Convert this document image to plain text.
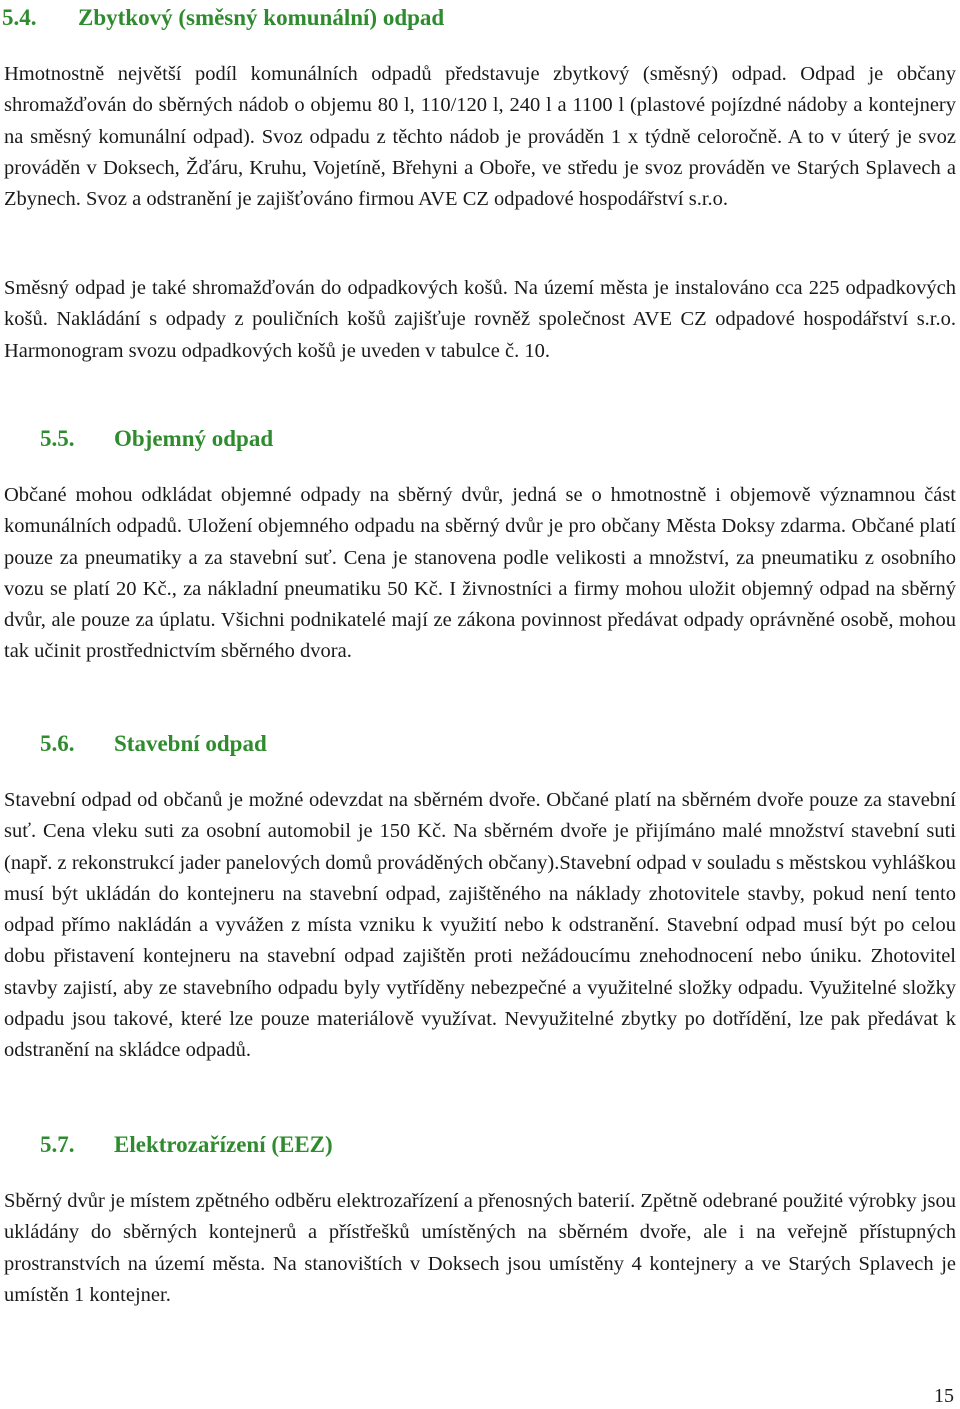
5.4. Zbytkový (směsný komunální) odpad

Hmotnostně největší podíl komunálních odpadů představuje zbytkový (směsný) odpad. Odpad je občany shromažďován do sběrných nádob o objemu 80 l, 110/120 l, 240 l a 1100 l (plastové pojízdné nádoby a kontejnery na směsný komunální odpad). Svoz odpadu z těchto nádob je prováděn 1 x týdně celoročně. A to v úterý je svoz prováděn v Doksech, Žďáru, Kruhu, Vojetíně, Břehyni a Oboře, ve středu je svoz prováděn ve Starých Splavech a Zbynech. Svoz a odstranění je zajišťováno firmou AVE CZ odpadové hospodářství s.r.o.

Směsný odpad je také shromažďován do odpadkových košů. Na území města je instalováno cca 225 odpadkových košů. Nakládání s odpady z pouličních košů zajišťuje rovněž společnost AVE CZ odpadové hospodářství s.r.o. Harmonogram svozu odpadkových košů je uveden v tabulce č. 10.

5.5. Objemný odpad

Občané mohou odkládat objemné odpady na sběrný dvůr, jedná se o hmotnostně i objemově významnou část komunálních odpadů. Uložení objemného odpadu na sběrný dvůr je pro občany Města Doksy zdarma. Občané platí pouze za pneumatiky a za stavební suť. Cena je stanovena podle velikosti a množství, za pneumatiku z osobního vozu se platí 20 Kč., za nákladní pneumatiku 50 Kč. I živnostníci a firmy mohou uložit objemný odpad na sběrný dvůr, ale pouze za úplatu. Všichni podnikatelé mají ze zákona povinnost předávat odpady oprávněné osobě, mohou tak učinit prostřednictvím sběrného dvora.

5.6. Stavební odpad

Stavební odpad od občanů je možné odevzdat na sběrném dvoře. Občané platí na sběrném dvoře pouze za stavební suť. Cena vleku suti za osobní automobil je 150 Kč. Na sběrném dvoře je přijímáno malé množství stavební suti (např. z rekonstrukcí jader panelových domů prováděných občany).Stavební odpad v souladu s městskou vyhláškou musí být ukládán do kontejneru na stavební odpad, zajištěného na náklady zhotovitele stavby, pokud není tento odpad přímo nakládán a vyvážen z místa vzniku k využití nebo k odstranění. Stavební odpad musí být po celou dobu přistavení kontejneru na stavební odpad zajištěn proti nežádoucímu znehodnocení nebo úniku. Zhotovitel stavby zajistí, aby ze stavebního odpadu byly vytříděny nebezpečné a využitelné složky odpadu. Využitelné složky odpadu jsou takové, které lze pouze materiálově využívat. Nevyužitelné zbytky po dotřídění, lze pak předávat k odstranění na skládce odpadů.

5.7. Elektrozařízení (EEZ)

Sběrný dvůr je místem zpětného odběru elektrozařízení a přenosných baterií. Zpětně odebrané použité výrobky jsou ukládány do sběrných kontejnerů a přístřešků umístěných na sběrném dvoře, ale i na veřejně přístupných prostranstvích na území města. Na stanovištích v Doksech jsou umístěny 4 kontejnery a ve Starých Splavech je umístěn 1 kontejner.

15
